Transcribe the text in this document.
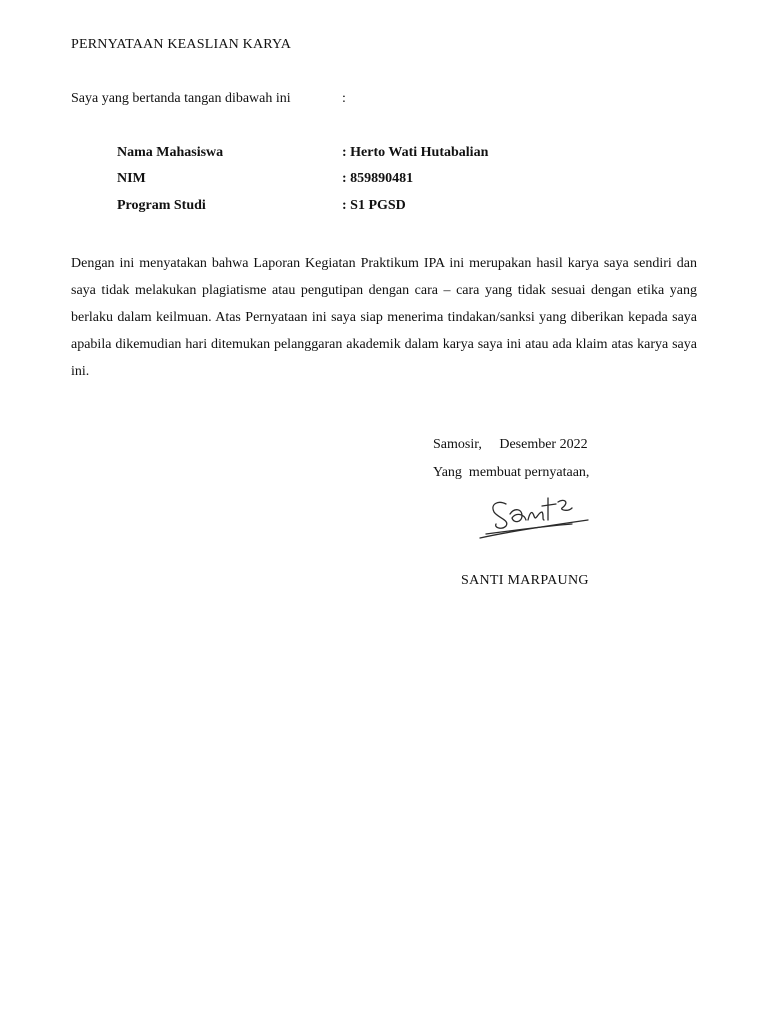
PERNYATAAN KEASLIAN KARYA
Saya yang bertanda tangan dibawah ini	:
Nama Mahasiswa	: Herto Wati Hutabalian
NIM	: 859890481
Program Studi	: S1 PGSD
Dengan ini menyatakan bahwa Laporan Kegiatan Praktikum IPA ini merupakan hasil karya saya sendiri dan saya tidak melakukan plagiatisme atau pengutipan dengan cara – cara yang tidak sesuai dengan etika yang berlaku dalam keilmuan. Atas Pernyataan ini saya siap menerima tindakan/sanksi yang diberikan kepada saya apabila dikemudian hari ditemukan pelanggaran akademik dalam karya saya ini atau ada klaim atas karya saya ini.
Samosir,     Desember 2022
Yang  membuat pernyataan,
SANTI MARPAUNG
